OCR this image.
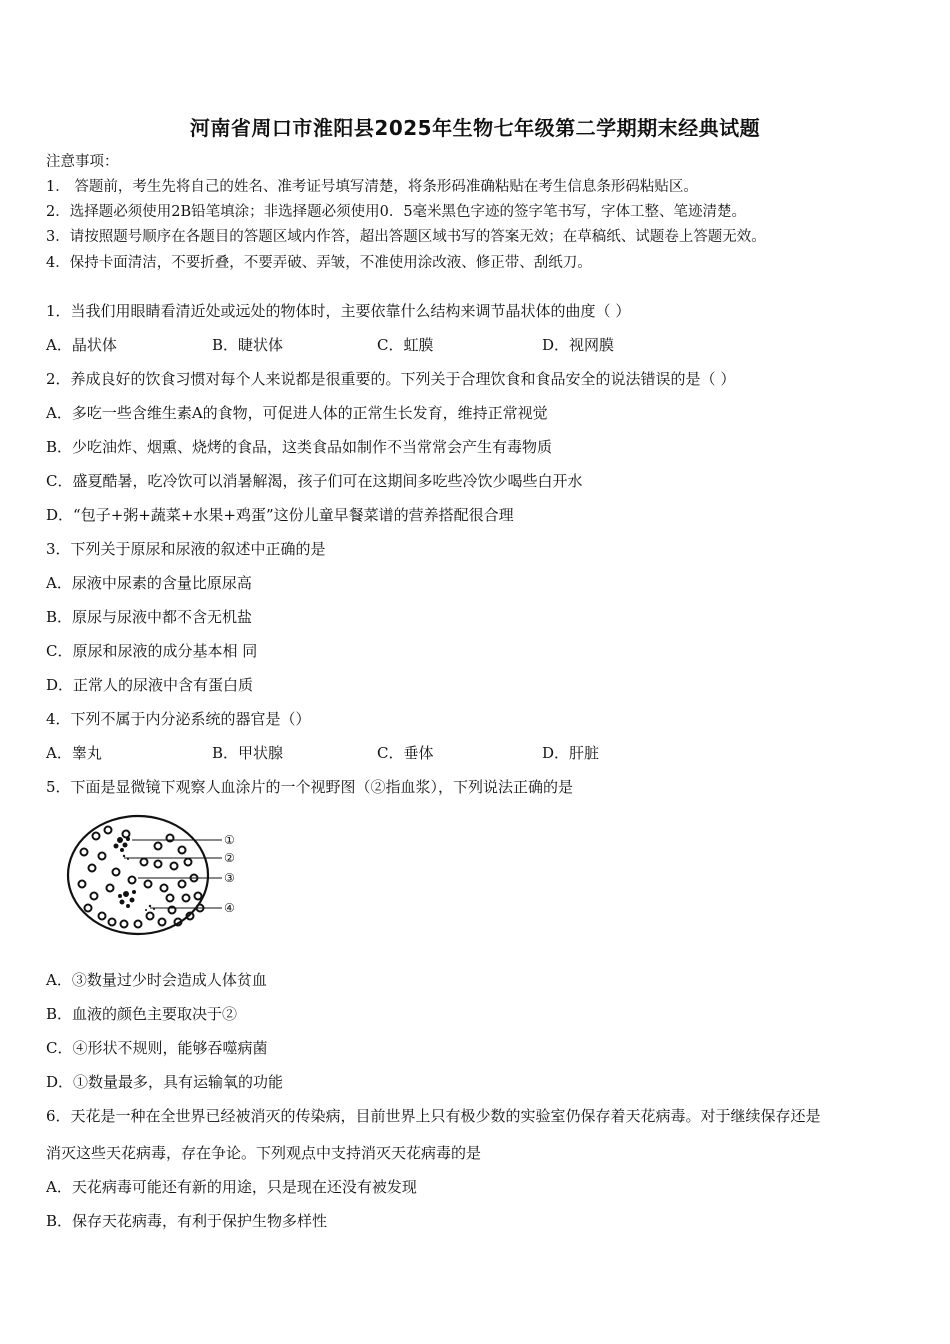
河南省周口市淮阳县2025年生物七年级第二学期期末经典试题
注意事项：
1． 答题前，考生先将自己的姓名、准考证号填写清楚，将条形码准确粘贴在考生信息条形码粘贴区。
2．选择题必须使用2B铅笔填涂；非选择题必须使用0．5毫米黑色字迹的签字笔书写，字体工整、笔迹清楚。
3．请按照题号顺序在各题目的答题区域内作答，超出答题区域书写的答案无效；在草稿纸、试题卷上答题无效。
4．保持卡面清洁，不要折叠，不要弄破、弄皱，不准使用涂改液、修正带、刮纸刀。
1．当我们用眼睛看清近处或远处的物体时，主要依靠什么结构来调节晶状体的曲度（ ）
A．晶状体	B．睫状体	C．虹膜	D．视网膜
2．养成良好的饮食习惯对每个人来说都是很重要的。下列关于合理饮食和食品安全的说法错误的是（ ）
A．多吃一些含维生素A的食物，可促进人体的正常生长发育，维持正常视觉
B．少吃油炸、烟熏、烧烤的食品，这类食品如制作不当常常会产生有毒物质
C．盛夏酷暑，吃冷饮可以消暑解渴，孩子们可在这期间多吃些冷饮少喝些白开水
D．“包子+粥+蔬菜+水果+鸡蛋”这份儿童早餐菜谱的营养搭配很合理
3．下列关于原尿和尿液的叙述中正确的是
A．尿液中尿素的含量比原尿高
B．原尿与尿液中都不含无机盐
C．原尿和尿液的成分基本相 同
D．正常人的尿液中含有蛋白质
4．下列不属于内分泌系统的器官是（）
A．睾丸	B．甲状腺	C．垂体	D．肝脏
5．下面是显微镜下观察人血涂片的一个视野图（②指血浆），下列说法正确的是
①
②
③
④
A．③数量过少时会造成人体贫血
B．血液的颜色主要取决于②
C．④形状不规则，能够吞噬病菌
D．①数量最多，具有运输氧的功能
6．天花是一种在全世界已经被消灭的传染病，目前世界上只有极少数的实验室仍保存着天花病毒。对于继续保存还是
消灭这些天花病毒，存在争论。下列观点中支持消灭天花病毒的是
A．天花病毒可能还有新的用途，只是现在还没有被发现
B．保存天花病毒，有利于保护生物多样性
